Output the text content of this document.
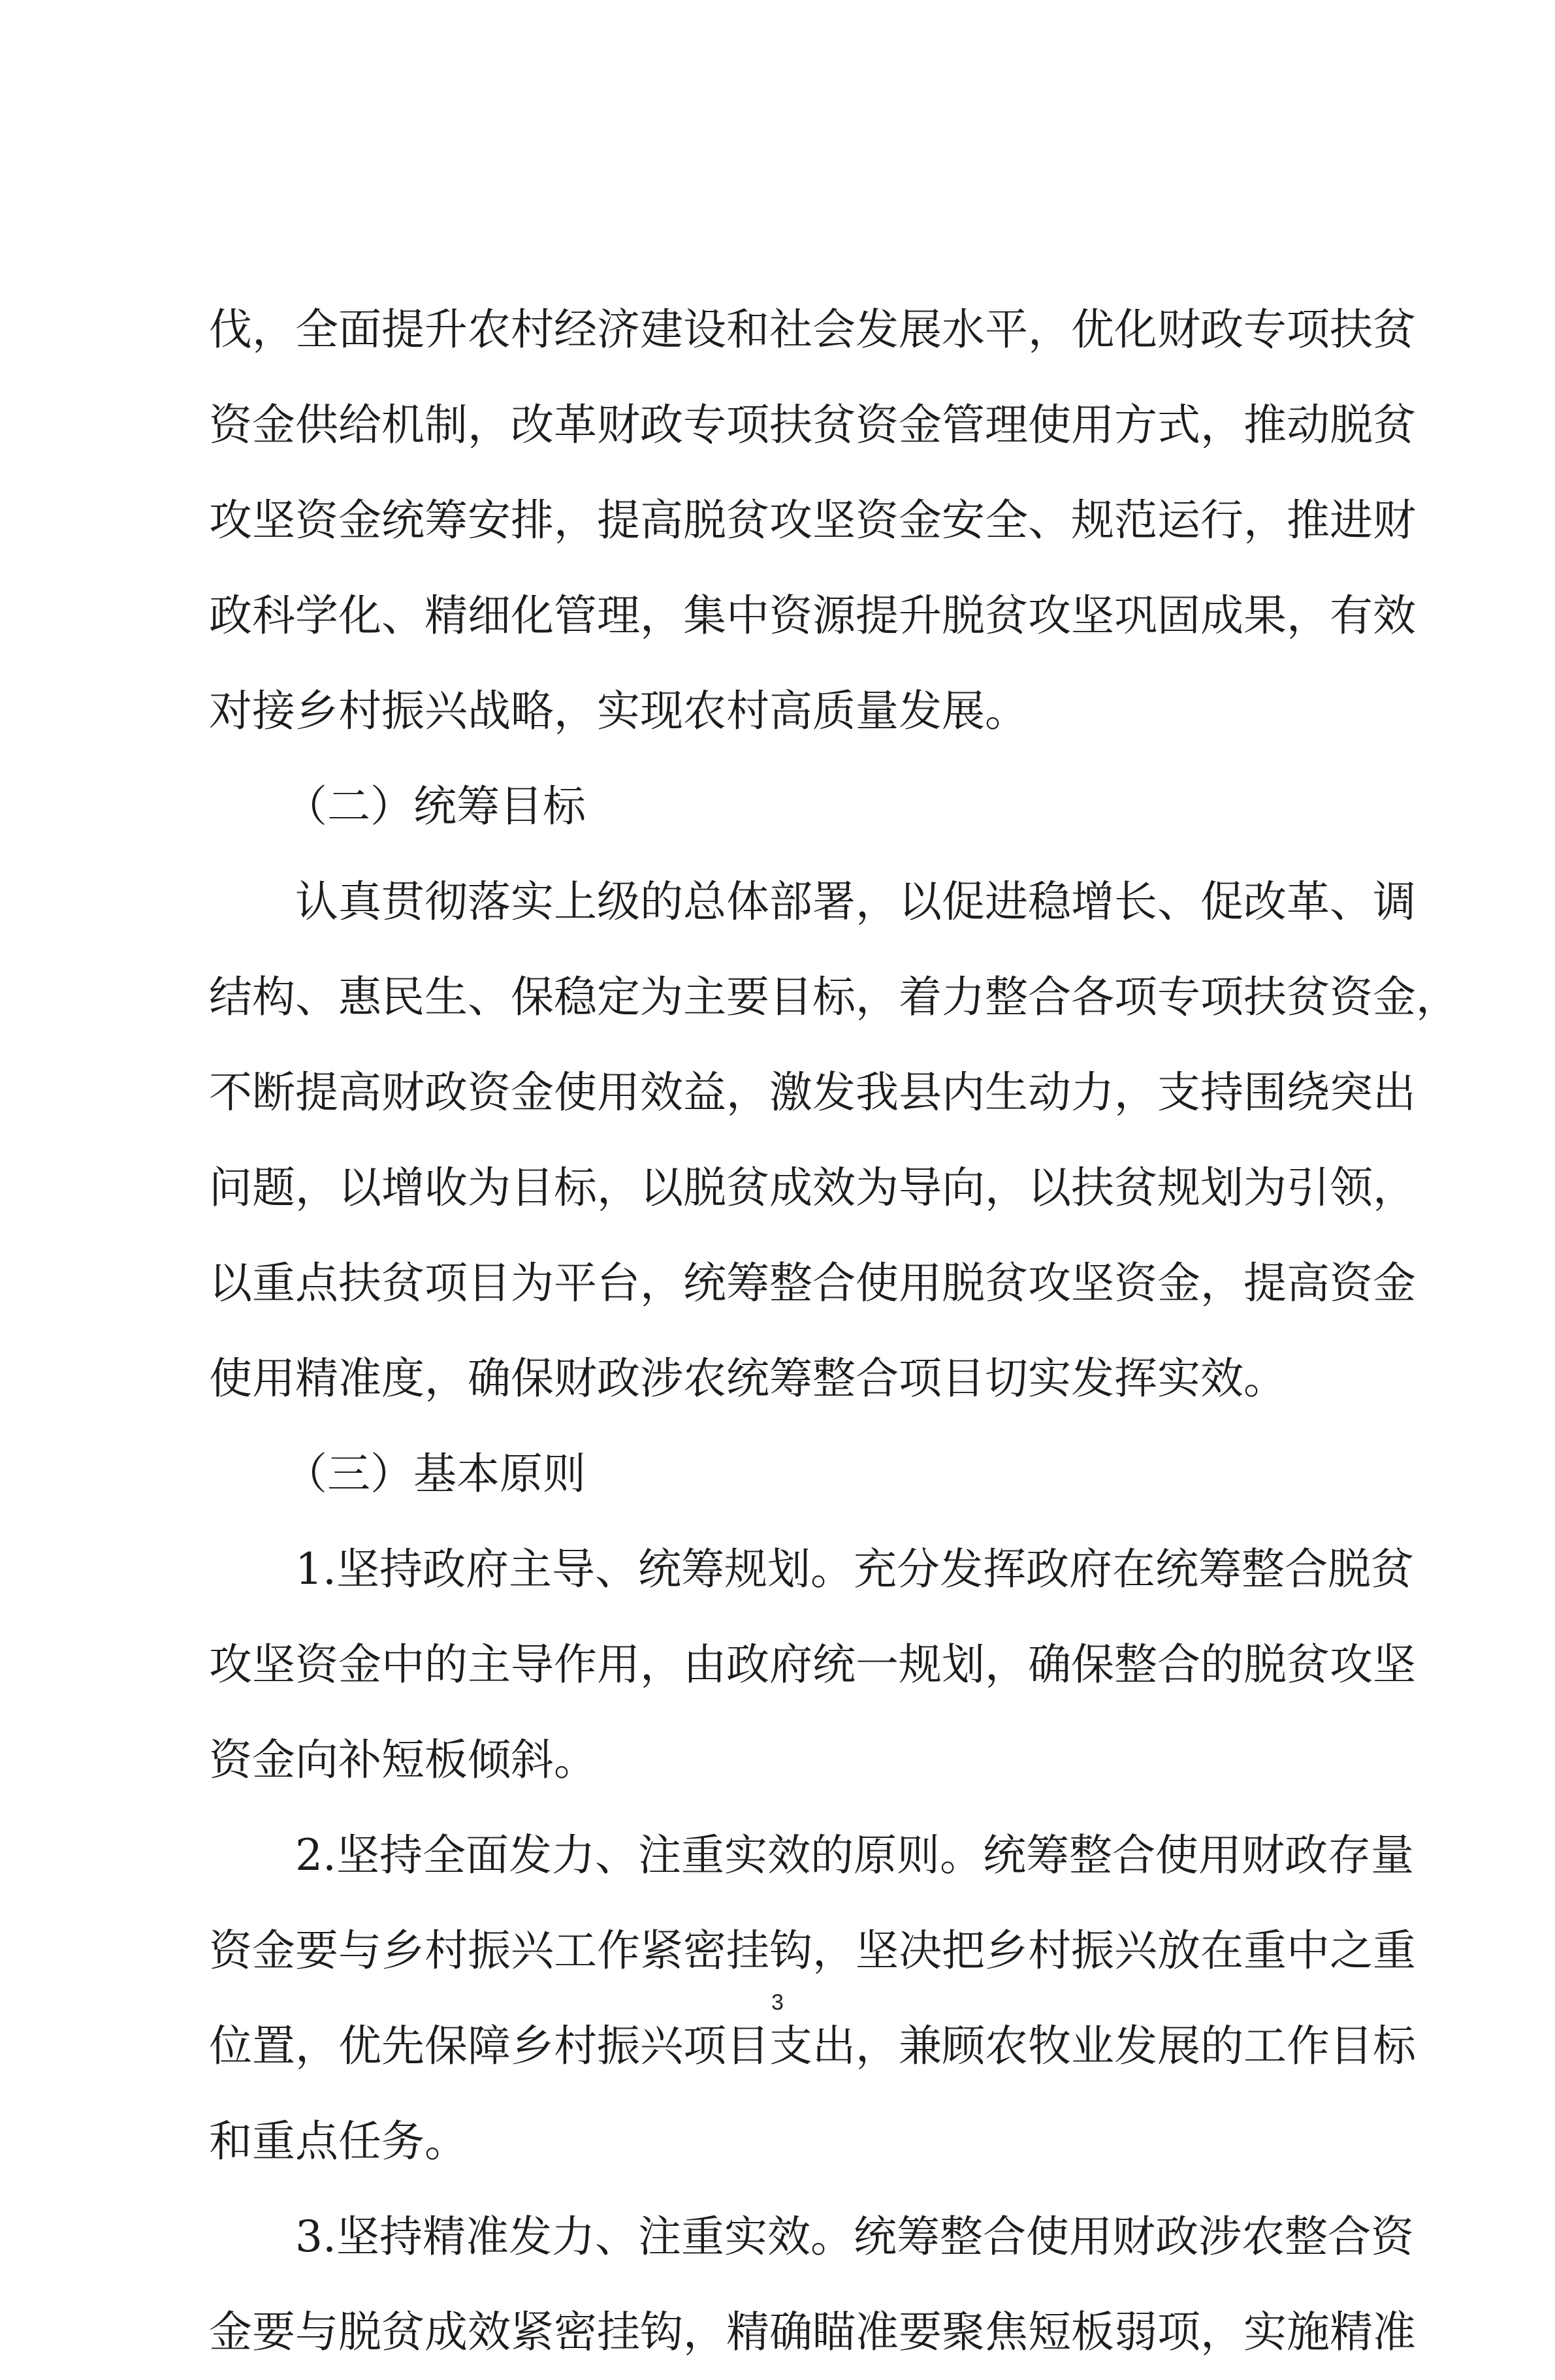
伐，全面提升农村经济建设和社会发展水平，优化财政专项扶贫
资金供给机制，改革财政专项扶贫资金管理使用方式，推动脱贫
攻坚资金统筹安排，提高脱贫攻坚资金安全、规范运行，推进财
政科学化、精细化管理，集中资源提升脱贫攻坚巩固成果，有效
对接乡村振兴战略，实现农村高质量发展。
（二）统筹目标
认真贯彻落实上级的总体部署，以促进稳增长、促改革、调
结构、惠民生、保稳定为主要目标，着力整合各项专项扶贫资金，
不断提高财政资金使用效益，激发我县内生动力，支持围绕突出
问题，以增收为目标，以脱贫成效为导向，以扶贫规划为引领，
以重点扶贫项目为平台，统筹整合使用脱贫攻坚资金，提高资金
使用精准度，确保财政涉农统筹整合项目切实发挥实效。
（三）基本原则
1.坚持政府主导、统筹规划。充分发挥政府在统筹整合脱贫
攻坚资金中的主导作用，由政府统一规划，确保整合的脱贫攻坚
资金向补短板倾斜。
2.坚持全面发力、注重实效的原则。统筹整合使用财政存量
资金要与乡村振兴工作紧密挂钩，坚决把乡村振兴放在重中之重
位置，优先保障乡村振兴项目支出，兼顾农牧业发展的工作目标
和重点任务。
3.坚持精准发力、注重实效。统筹整合使用财政涉农整合资
金要与脱贫成效紧密挂钩，精确瞄准要聚焦短板弱项，实施精准
3
